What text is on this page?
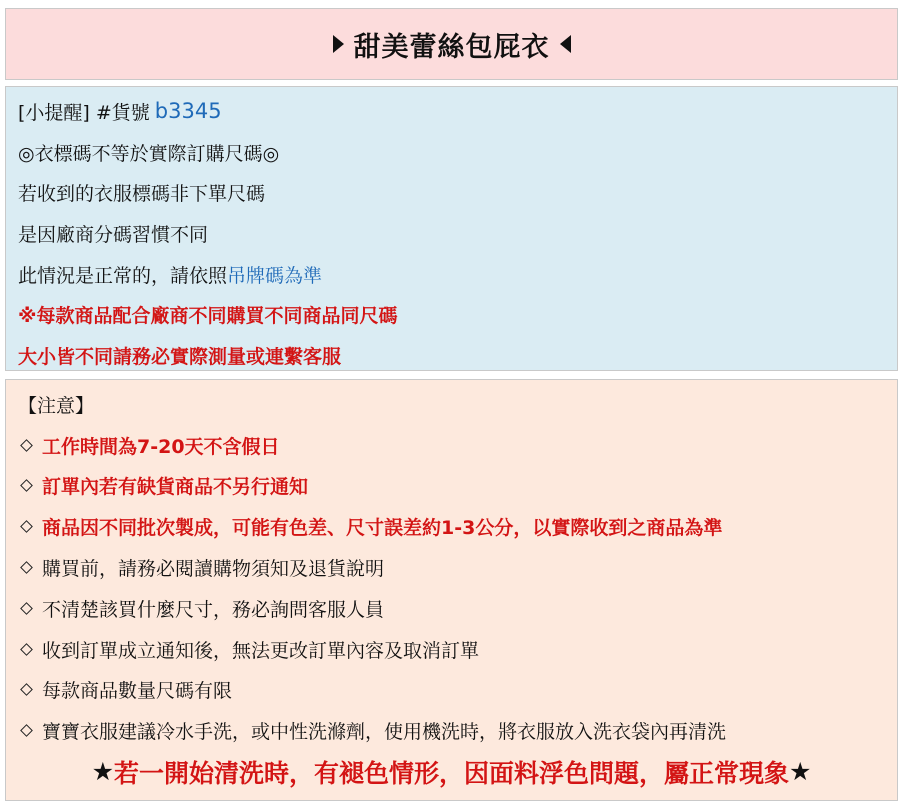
甜美蕾絲包屁衣
[小提醒] #貨號 b3345
◎衣標碼不等於實際訂購尺碼◎
若收到的衣服標碼非下單尺碼
是因廠商分碼習慣不同
此情況是正常的，請依照 吊牌碼為準
※每款商品配合廠商不同購買不同商品同尺碼
大小皆不同請務必實際測量或連繫客服
【注意】
工作時間為7-20天不含假日
訂單內若有缺貨商品不另行通知
商品因不同批次製成，可能有色差、尺寸誤差約1-3公分，以實際收到之商品為準
購買前，請務必閱讀購物須知及退貨說明
不清楚該買什麼尺寸，務必詢問客服人員
收到訂單成立通知後，無法更改訂單內容及取消訂單
每款商品數量尺碼有限
寶寶衣服建議冷水手洗，或中性洗滌劑，使用機洗時，將衣服放入洗衣袋內再清洗
★ 若一開始清洗時，有褪色情形，因面料浮色問題，屬正常現象 ★
